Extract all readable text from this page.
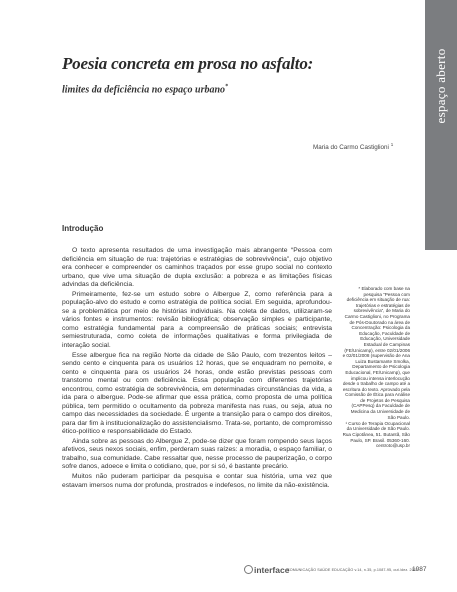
espaço aberto
Poesia concreta em prosa no asfalto:
limites da deficiência no espaço urbano*
Maria do Carmo Castiglioni $^1$
Introdução

O texto apresenta resultados de uma investigação mais abrangente “Pessoa com deficiência em situação de rua: trajetórias e estratégias de sobrevivência”, cujo objetivo era conhecer e compreender os caminhos traçados por esse grupo social no contexto urbano, que vive uma situação de dupla exclusão: a pobreza e as limitações físicas advindas da deficiência.

Primeiramente, fez-se um estudo sobre o Albergue Z, como referência para a população-alvo do estudo e como estratégia de política social. Em seguida, aprofundou-se a problemática por meio de histórias individuais. Na coleta de dados, utilizaram-se vários fontes e instrumentos: revisão bibliográfica; observação simples e participante, como estratégia fundamental para a compreensão de práticas sociais; entrevista semiestruturada, como coleta de informações qualitativas e forma privilegiada de interação social.

Esse albergue fica na região Norte da cidade de São Paulo, com trezentos leitos – sendo cento e cinquenta para os usuários 12 horas, que se enquadram no pernoite, e cento e cinquenta para os usuários 24 horas, onde estão previstas pessoas com transtorno mental ou com deficiência. Essa população com diferentes trajetórias encontrou, como estratégia de sobrevivência, em determinadas circunstâncias da vida, a ida para o albergue. Pode-se afirmar que essa prática, como proposta de uma política pública, tem permitido o ocultamento da pobreza manifesta nas ruas, ou seja, atua no campo das necessidades da sociedade. É urgente a transição para o campo dos direitos, para dar fim à institucionalização do assistencialismo. Trata-se, portanto, de compromisso ético-político e responsabilidade do Estado.

Ainda sobre as pessoas do Albergue Z, pode-se dizer que foram rompendo seus laços afetivos, seus nexos sociais, enfim, perderam suas raízes: a moradia, o espaço familiar, o trabalho, sua comunidade. Cabe ressaltar que, nesse processo de pauperização, o corpo sofre danos, adoece e limita o cotidiano, que, por si só, é bastante precário.

Muitos não puderam participar da pesquisa e contar sua história, uma vez que estavam imersos numa dor profunda, prostrados e indefesos, no limite da não-existência.

* Elaborado com base na pesquisa “Pessoa com deficiência em situação de rua: trajetórias e estratégias de sobrevivência”, de Maria do Carmo Castiglioni, no Programa de Pós-Doutorado na área de Concentração: Psicologia da Educação, Faculdade de Educação, Universidade Estadual de Campinas (FE/Unicamp), entre 02/01/2006 e 02/01/2008 (supervisão de Ana Luiza Bustamante Smolka, Departamento de Psicologia Educacional, FE/Unicamp), que implicou intensa interlocução desde o trabalho de campo até a escritura do texto. Aprovado pela Comissão de Ética para Análise de Projetos de Pesquisa (CAPPesq) da Faculdade de Medicina da Universidade de São Paulo.

¹ Curso de Terapia Ocupacional da Universidade de São Paulo. Rua Cipotânea, 51. Butantã, São Paulo, SP. Brasil. 05360-160. centroto@usp.br

interface
COMUNICAÇÃO SAÚDE EDUCAÇÃO v.14, n.35, p.1087-95, out./dez. 2010
1087
